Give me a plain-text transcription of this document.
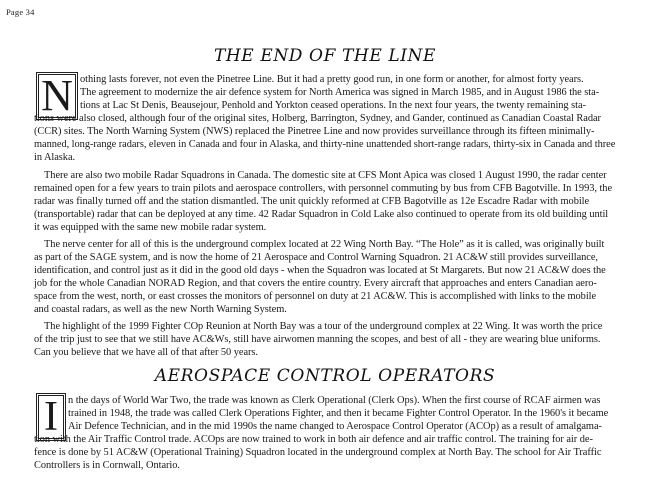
Page 34
THE END OF THE LINE
N othing lasts forever, not even the Pinetree Line. But it had a pretty good run, in one form or another, for almost forty years.
The agreement to modernize the air defence system for North America was signed in March 1985, and in August 1986 the sta-
tions at Lac St Denis, Beausejour, Penhold and Yorkton ceased operations. In the next four years, the twenty remaining sta-
tions were also closed, although four of the original sites, Holberg, Barrington, Sydney, and Gander, continued as Canadian Coastal Radar
(CCR) sites. The North Warning System (NWS) replaced the Pinetree Line and now provides surveillance through its fifteen minimally-
manned, long-range radars, eleven in Canada and four in Alaska, and thirty-nine unattended short-range radars, thirty-six in Canada and three
in Alaska.
There are also two mobile Radar Squadrons in Canada. The domestic site at CFS Mont Apica was closed 1 August 1990, the radar center
remained open for a few years to train pilots and aerospace controllers, with personnel commuting by bus from CFB Bagotville. In 1993, the
radar was finally turned off and the station dismantled. The unit quickly reformed at CFB Bagotville as 12e Escadre Radar with mobile
(transportable) radar that can be deployed at any time. 42 Radar Squadron in Cold Lake also continued to operate from its old building until
it was equipped with the same new mobile radar system.
The nerve center for all of this is the underground complex located at 22 Wing North Bay. “The Hole” as it is called, was originally built
as part of the SAGE system, and is now the home of 21 Aerospace and Control Warning Squadron. 21 AC&W still provides surveillance,
identification, and control just as it did in the good old days - when the Squadron was located at St Margarets. But now 21 AC&W does the
job for the whole Canadian NORAD Region, and that covers the entire country. Every aircraft that approaches and enters Canadian aero-
space from the west, north, or east crosses the monitors of personnel on duty at 21 AC&W. This is accomplished with links to the mobile
and coastal radars, as well as the new North Warning System.
The highlight of the 1999 Fighter COp Reunion at North Bay was a tour of the underground complex at 22 Wing. It was worth the price
of the trip just to see that we still have AC&Ws, still have airwomen manning the scopes, and best of all - they are wearing blue uniforms.
Can you believe that we have all of that after 50 years.
AEROSPACE CONTROL OPERATORS
I n the days of World War Two, the trade was known as Clerk Operational (Clerk Ops). When the first course of RCAF airmen was
trained in 1948, the trade was called Clerk Operations Fighter, and then it became Fighter Control Operator. In the 1960's it became
Air Defence Technician, and in the mid 1990s the name changed to Aerospace Control Operator (ACOp) as a result of amalgama-
tion with the Air Traffic Control trade. ACOps are now trained to work in both air defence and air traffic control. The training for air de-
fence is done by 51 AC&W (Operational Training) Squadron located in the underground complex at North Bay. The school for Air Traffic
Controllers is in Cornwall, Ontario.
